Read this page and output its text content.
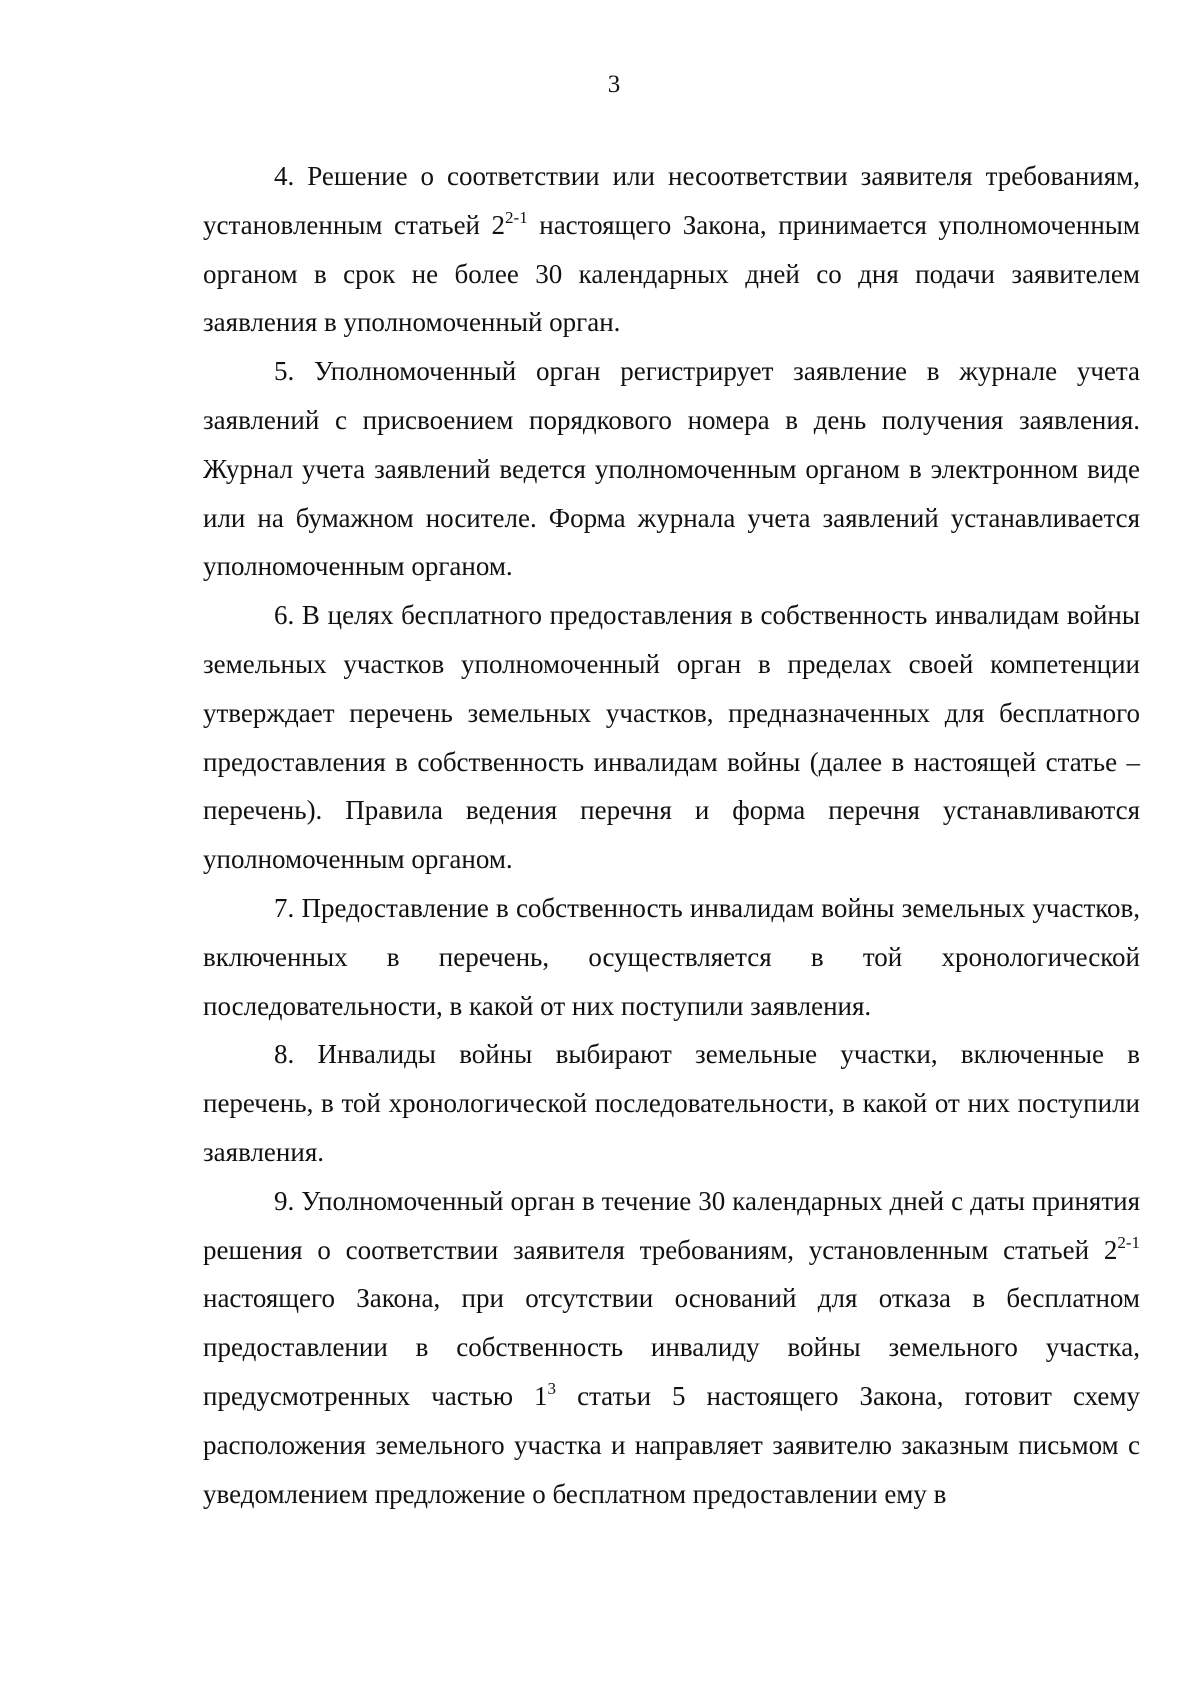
3

4. Решение о соответствии или несоответствии заявителя требованиям, установленным статьей 2$^{2-1}$ настоящего Закона, принимается уполномоченным органом в срок не более 30 календарных дней со дня подачи заявителем заявления в уполномоченный орган.

5. Уполномоченный орган регистрирует заявление в журнале учета заявлений с присвоением порядкового номера в день получения заявления. Журнал учета заявлений ведется уполномоченным органом в электронном виде или на бумажном носителе. Форма журнала учета заявлений устанавливается уполномоченным органом.

6. В целях бесплатного предоставления в собственность инвалидам войны земельных участков уполномоченный орган в пределах своей компетенции утверждает перечень земельных участков, предназначенных для бесплатного предоставления в собственность инвалидам войны (далее в настоящей статье – перечень). Правила ведения перечня и форма перечня устанавливаются уполномоченным органом.

7. Предоставление в собственность инвалидам войны земельных участков, включенных в перечень, осуществляется в той хронологической последовательности, в какой от них поступили заявления.

8. Инвалиды войны выбирают земельные участки, включенные в перечень, в той хронологической последовательности, в какой от них поступили заявления.

9. Уполномоченный орган в течение 30 календарных дней с даты принятия решения о соответствии заявителя требованиям, установленным статьей 2$^{2-1}$ настоящего Закона, при отсутствии оснований для отказа в бесплатном предоставлении в собственность инвалиду войны земельного участка, предусмотренных частью $1^3$ статьи 5 настоящего Закона, готовит схему расположения земельного участка и направляет заявителю заказным письмом с уведомлением предложение о бесплатном предоставлении ему в
